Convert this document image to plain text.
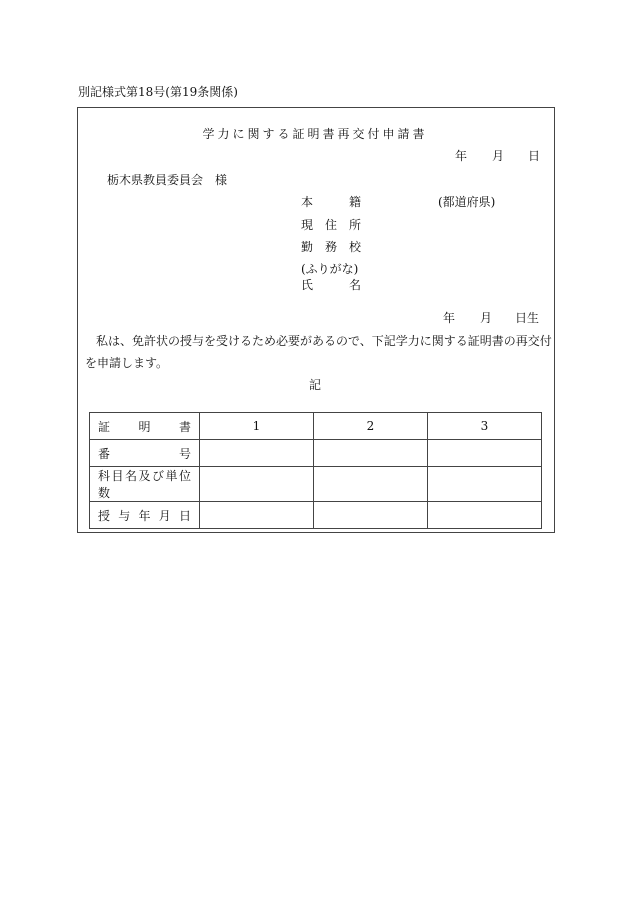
別記様式第18号(第19条関係)
学力に関する証明書再交付申請書
年 月 日
栃木県教員委員会　様
本　　　籍	(都道府県)
現　住　所
勤　務　校
(ふりがな)
氏　　　名
年 月 日生
私は、免許状の授与を受けるため必要があるので、下記学力に関する証明書の再交付
を申請します。
記
証明書	1	2	3
番号			
科目名及び単位数			
授与年月日			
